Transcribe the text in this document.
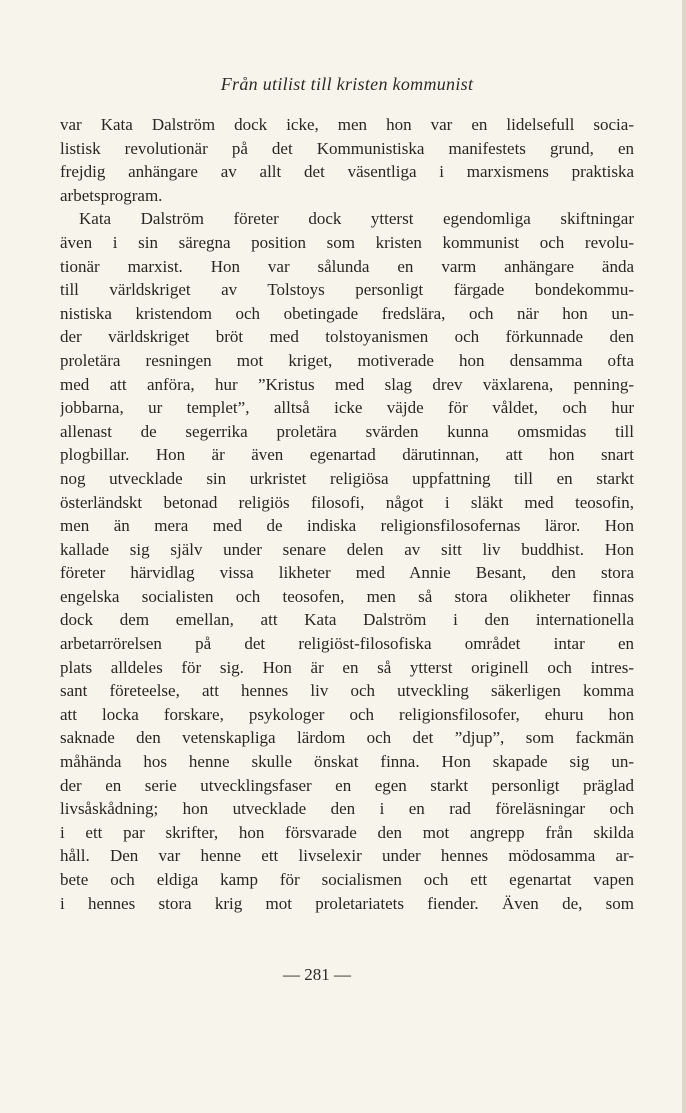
Från utilist till kristen kommunist
var Kata Dalström dock icke, men hon var en lidelsefull socia-
listisk revolutionär på det Kommunistiska manifestets grund, en
frejdig anhängare av allt det väsentliga i marxismens praktiska
arbetsprogram.
Kata Dalström företer dock ytterst egendomliga skiftningar
även i sin säregna position som kristen kommunist och revolu-
tionär marxist. Hon var sålunda en varm anhängare ända
till världskriget av Tolstoys personligt färgade bondekommu-
nistiska kristendom och obetingade fredslära, och när hon un-
der världskriget bröt med tolstoyanismen och förkunnade den
proletära resningen mot kriget, motiverade hon densamma ofta
med att anföra, hur ”Kristus med slag drev växlarena, penning-
jobbarna, ur templet”, alltså icke väjde för våldet, och hur
allenast de segerrika proletära svärden kunna omsmidas till
plogbillar. Hon är även egenartad därutinnan, att hon snart
nog utvecklade sin urkristet religiösa uppfattning till en starkt
österländskt betonad religiös filosofi, något i släkt med teosofin,
men än mera med de indiska religionsfilosofernas läror. Hon
kallade sig själv under senare delen av sitt liv buddhist. Hon
företer härvidlag vissa likheter med Annie Besant, den stora
engelska socialisten och teosofen, men så stora olikheter finnas
dock dem emellan, att Kata Dalström i den internationella
arbetarrörelsen på det religiöst-filosofiska området intar en
plats alldeles för sig. Hon är en så ytterst originell och intres-
sant företeelse, att hennes liv och utveckling säkerligen komma
att locka forskare, psykologer och religionsfilosofer, ehuru hon
saknade den vetenskapliga lärdom och det ”djup”, som fackmän
måhända hos henne skulle önskat finna. Hon skapade sig un-
der en serie utvecklingsfaser en egen starkt personligt präglad
livsåskådning; hon utvecklade den i en rad föreläsningar och
i ett par skrifter, hon försvarade den mot angrepp från skilda
håll. Den var henne ett livselexir under hennes mödosamma ar-
bete och eldiga kamp för socialismen och ett egenartat vapen
i hennes stora krig mot proletariatets fiender. Även de, som
— 281 —
